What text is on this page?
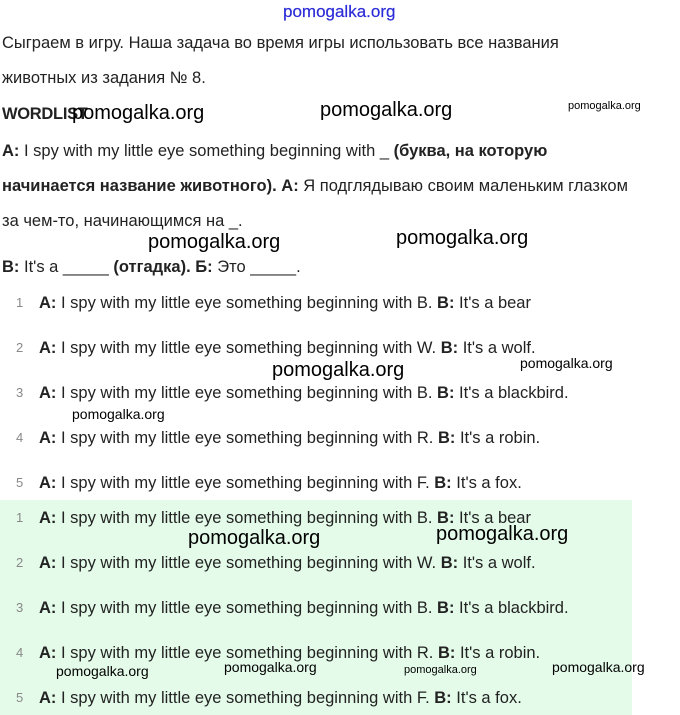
pomogalka.org
Сыграем в игру. Наша задача во время игры использовать все названия
животных из задания № 8.
WORDLIST
A: I spy with my little eye something beginning with _ (буква, на которую
начинается название животного). А: Я подглядываю своим маленьким глазком
за чем-то, начинающимся на _.
B: It's a _____ (отгадка). Б: Это _____.
1 A: I spy with my little eye something beginning with B. B: It's a bear
2 A: I spy with my little eye something beginning with W. B: It's a wolf.
3 A: I spy with my little eye something beginning with B. B: It's a blackbird.
4 A: I spy with my little eye something beginning with R. B: It's a robin.
5 A: I spy with my little eye something beginning with F. B: It's a fox.
1 A: I spy with my little eye something beginning with B. B: It's a bear
2 A: I spy with my little eye something beginning with W. B: It's a wolf.
3 A: I spy with my little eye something beginning with B. B: It's a blackbird.
4 A: I spy with my little eye something beginning with R. B: It's a robin.
5 A: I spy with my little eye something beginning with F. B: It's a fox.
pomogalka.org	pomogalka.org	pomogalka.org
pomogalka.org	pomogalka.org
pomogalka.org
pomogalka.org
pomogalka.org
pomogalka.org	pomogalka.org
pomogalka.org	pomogalka.org	pomogalka.org	pomogalka.org
